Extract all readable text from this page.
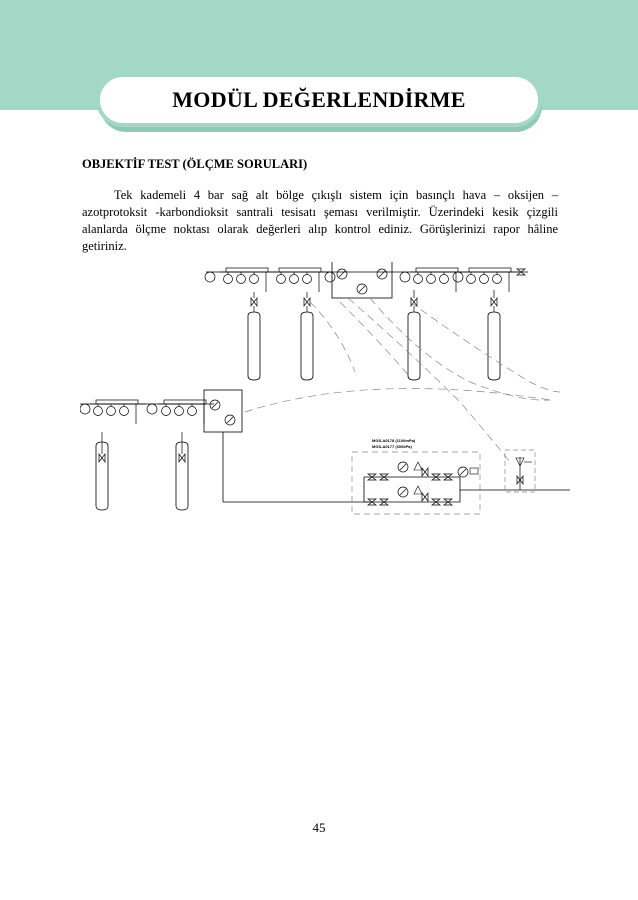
MODÜL DEĞERLENDİRME
OBJEKTİF TEST (ÖLÇME SORULARI)

Tek kademeli 4 bar sağ alt bölge çıkışlı sistem için basınçlı hava – oksijen – azotprotoksit -karbondioksit santrali tesisatı şeması verilmiştir. Üzerindeki kesik çizgili alanlarda ölçme noktası olarak değerleri alıp kontrol ediniz. Görüşlerinizi rapor hâline getiriniz.

MGS-A0178 (1100mPa)
MGS-A0177 (300kPa)
45
